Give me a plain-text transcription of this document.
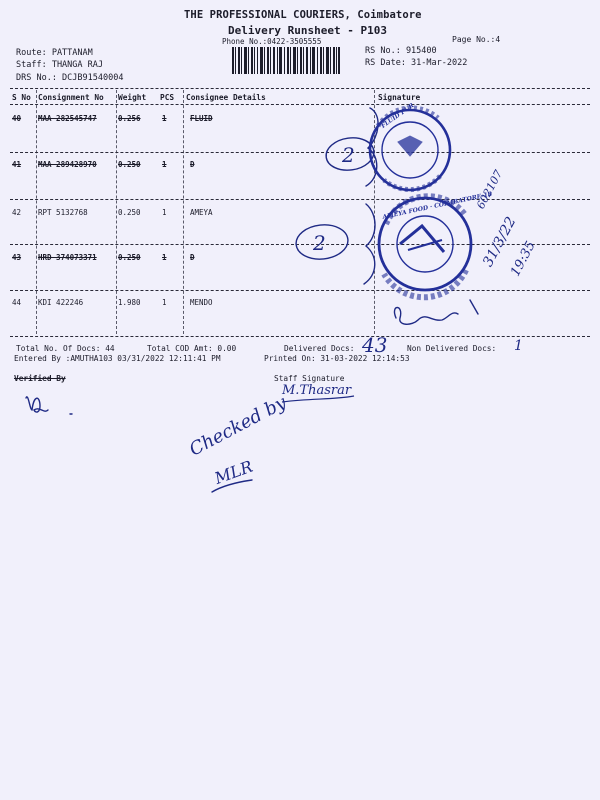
THE PROFESSIONAL COURIERS, Coimbatore
Delivery Runsheet - P103
Phone No.:0422-3505555	Page No.:4
Route: PATTANAM
Staff: THANGA RAJ
DRS No.: DCJB91540004
RS No.: 915400
RS Date: 31-Mar-2022
S No Consignment No Weight PCS Consignee Details	Signature
40 MAA 282545747	0.256	1	FLUID
41 MAA 289428970	0.250	1	D
42 RPT 5132768	0.250	1	AMEYA
43 HRD 374073371	0.250	1	D
44 KDI 422246	1.980	1	MENDO
Total No. Of Docs: 44	Total COD Amt: 0.00	Delivered Docs:	Non Delivered Docs:
Entered By :AMUTHA103 03/31/2022 12:11:41 PM	Printed On: 31-03-2022 12:14:53
Verified By	Staff Signature
43	1
2
2
602107
31/3/22
19:35
M.Thasrar
Checked by
MLR
FLUID PUR
AMEYA FOOD · COIMBATORE-18
